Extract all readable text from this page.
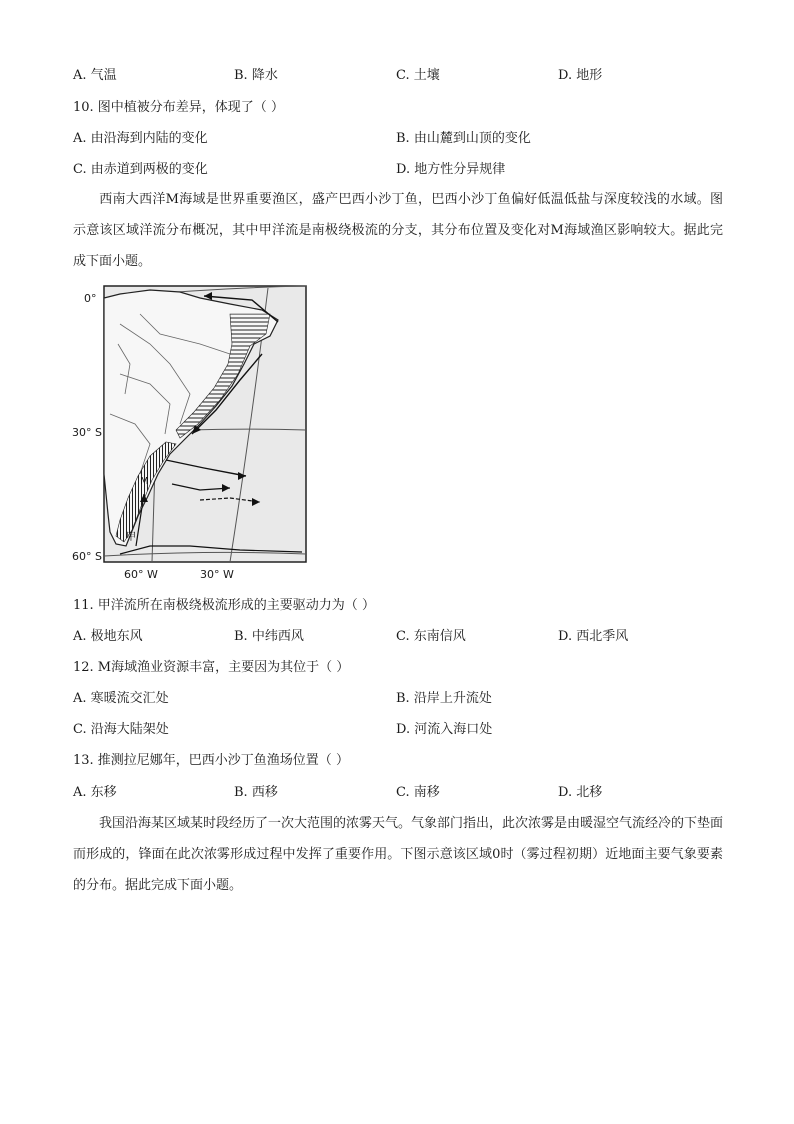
A. 气温	B. 降水	C. 土壤	D. 地形
10. 图中植被分布差异，体现了（ ）
A. 由沿海到内陆的变化	B. 由山麓到山顶的变化
C. 由赤道到两极的变化	D. 地方性分异规律
西南大西洋M海域是世界重要渔区，盛产巴西小沙丁鱼，巴西小沙丁鱼偏好低温低盐与深度较浅的水域。图示意该区域洋流分布概况，其中甲洋流是南极绕极流的分支，其分布位置及变化对M海域渔区影响较大。据此完成下面小题。
M
甲
0°
30° S
60° S
60° W	30° W
11. 甲洋流所在南极绕极流形成的主要驱动力为（ ）
A. 极地东风	B. 中纬西风	C. 东南信风	D. 西北季风
12. M海域渔业资源丰富，主要因为其位于（ ）
A. 寒暖流交汇处	B. 沿岸上升流处
C. 沿海大陆架处	D. 河流入海口处
13. 推测拉尼娜年，巴西小沙丁鱼渔场位置（ ）
A. 东移	B. 西移	C. 南移	D. 北移
我国沿海某区域某时段经历了一次大范围的浓雾天气。气象部门指出，此次浓雾是由暖湿空气流经冷的下垫面而形成的，锋面在此次浓雾形成过程中发挥了重要作用。下图示意该区域0时（雾过程初期）近地面主要气象要素的分布。据此完成下面小题。
